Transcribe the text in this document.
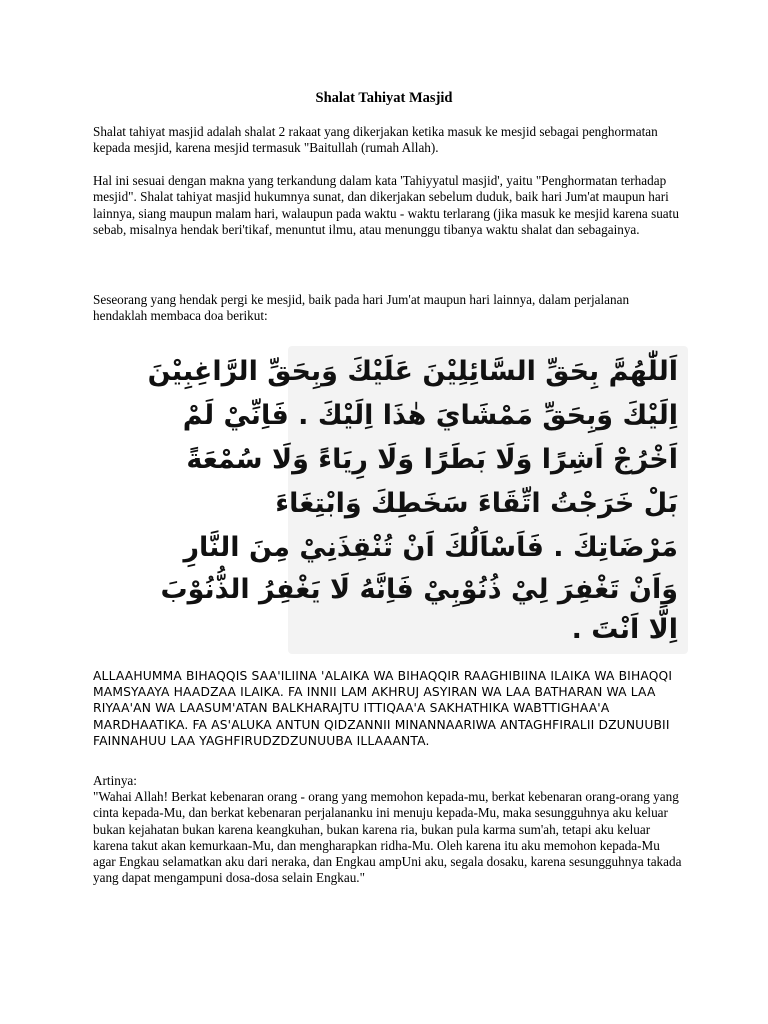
Shalat Tahiyat Masjid
Shalat tahiyat masjid adalah shalat 2 rakaat yang dikerjakan ketika masuk ke mesjid sebagai penghormatan kepada mesjid, karena mesjid termasuk "Baitullah (rumah Allah).
Hal ini sesuai dengan makna yang terkandung dalam kata 'Tahiyyatul masjid', yaitu "Penghormatan terhadap mesjid". Shalat tahiyat masjid hukumnya sunat, dan dikerjakan sebelum duduk, baik hari Jum'at maupun hari lainnya, siang maupun malam hari, walaupun pada waktu - waktu terlarang (jika masuk ke mesjid karena suatu sebab, misalnya hendak beri'tikaf, menuntut ilmu, atau menunggu tibanya waktu shalat dan sebagainya.
Seseorang yang hendak pergi ke mesjid, baik pada hari Jum'at maupun hari lainnya, dalam perjalanan hendaklah membaca doa berikut:
اَللّٰهُمَّ بِحَقِّ السَّائِلِيْنَ عَلَيْكَ وَبِحَقِّ الرَّاغِبِيْنَ
اِلَيْكَ وَبِحَقِّ مَمْشَايَ هٰذَا اِلَيْكَ . فَاِنِّيْ لَمْ
اَخْرُجْ اَشِرًا وَلَا بَطَرًا وَلَا رِيَاءً وَلَا سُمْعَةً
بَلْ خَرَجْتُ اتِّقَاءَ سَخَطِكَ وَابْتِغَاءَ
مَرْضَاتِكَ . فَاَسْاَلُكَ اَنْ تُنْقِذَنِيْ مِنَ النَّارِ
وَاَنْ تَغْفِرَ لِيْ ذُنُوْبِيْ فَاِنَّهُ لَا يَغْفِرُ الذُّنُوْبَ
اِلَّا اَنْتَ .
ALLAAHUMMA BIHAQQIS SAA'ILIINA 'ALAIKA WA BIHAQQIR RAAGHIBIINA ILAIKA WA BIHAQQI MAMSYAAYA HAADZAA ILAIKA. FA INNII LAM AKHRUJ ASYIRAN WA LAA BATHARAN WA LAA RIYAA'AN WA LAASUM'ATAN BALKHARAJTU ITTIQAA'A SAKHATHIKA WABTTIGHAA'A MARDHAATIKA. FA AS'ALUKA ANTUN QIDZANNII MINANNAARIWA ANTAGHFIRALII DZUNUUBII FAINNAHUU LAA YAGHFIRUDZDZUNUUBA ILLAAANTA.
Artinya:
"Wahai Allah! Berkat kebenaran orang - orang yang memohon kepada-mu, berkat kebenaran orang-orang yang cinta kepada-Mu, dan berkat kebenaran perjalananku ini menuju kepada-Mu, maka sesungguhnya aku keluar bukan kejahatan bukan karena keangkuhan, bukan karena ria, bukan pula karma sum'ah, tetapi aku keluar karena takut akan kemurkaan-Mu, dan mengharapkan ridha-Mu. Oleh karena itu aku memohon kepada-Mu agar Engkau selamatkan aku dari neraka, dan Engkau ampUni aku, segala dosaku, karena sesungguhnya takada yang dapat mengampuni dosa-dosa selain Engkau."
